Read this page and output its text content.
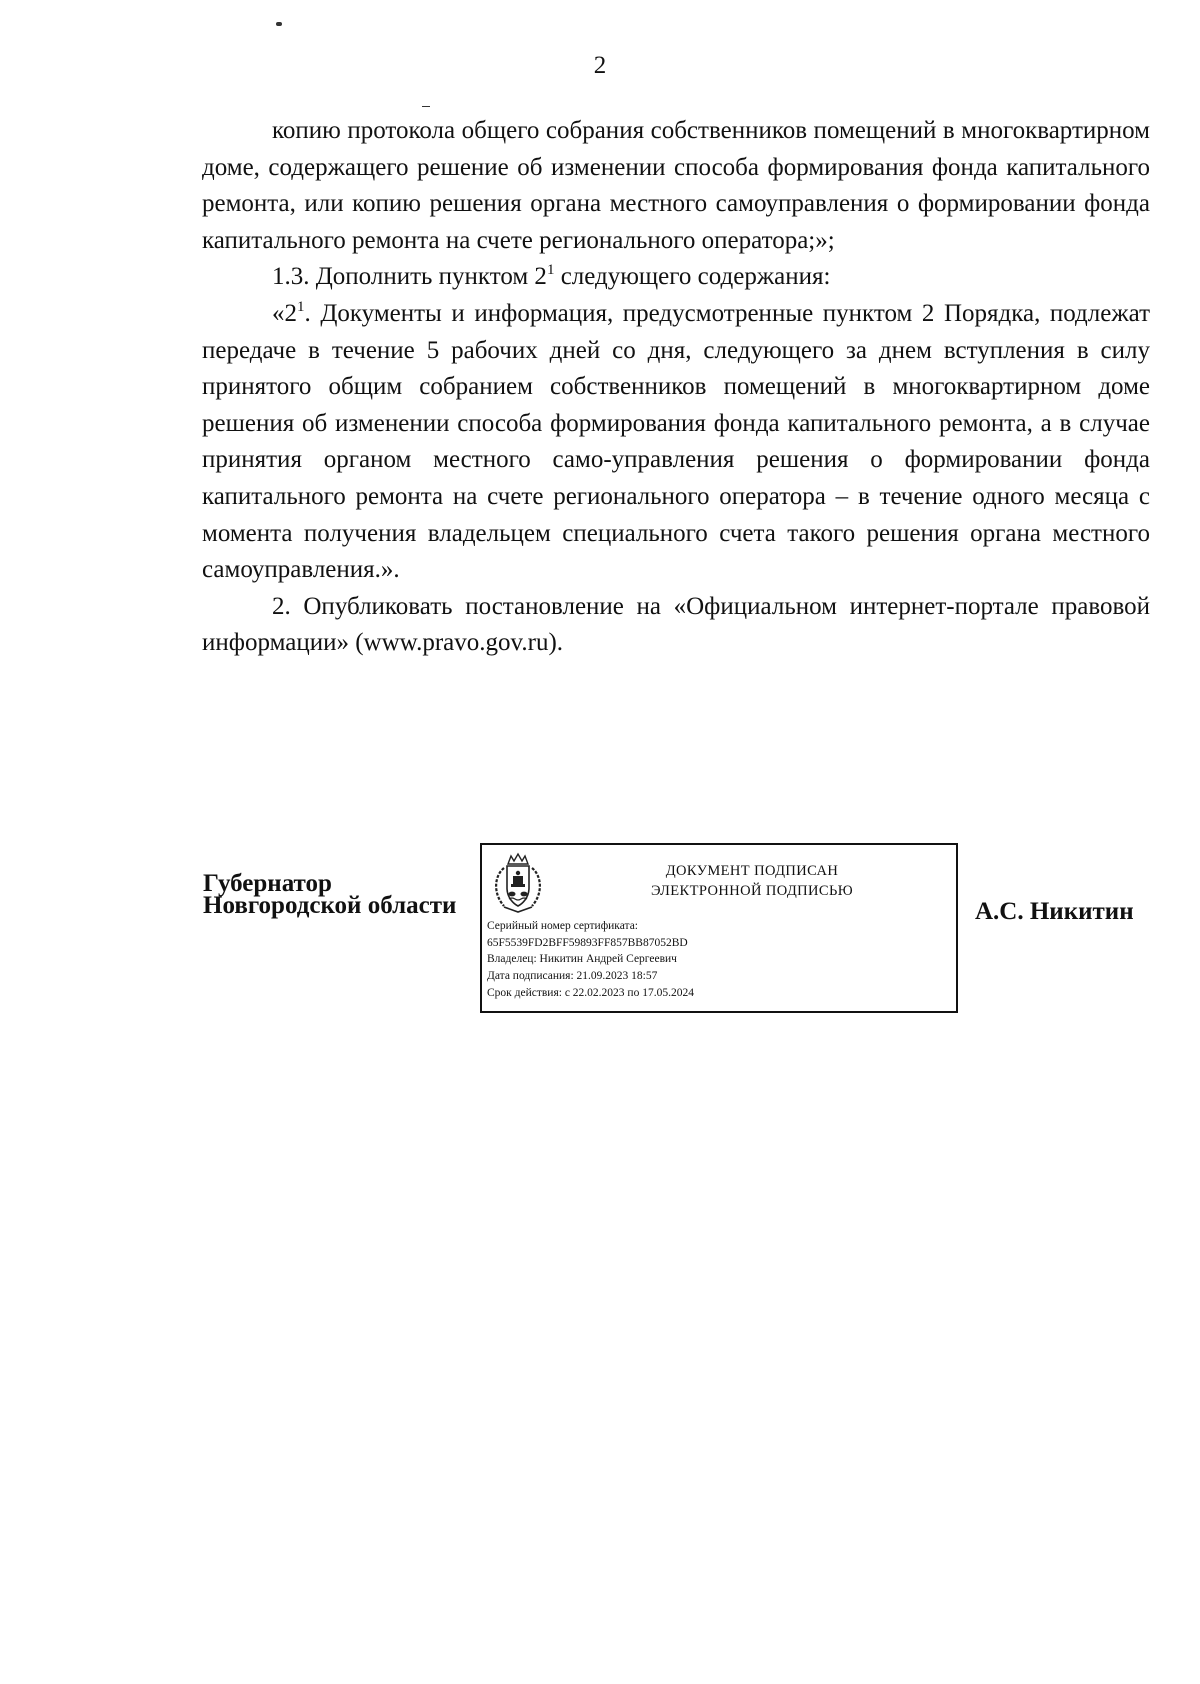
2

копию протокола общего собрания собственников помещений в многоквартирном доме, содержащего решение об изменении способа формирования фонда капитального ремонта, или копию решения органа местного самоуправления о формировании фонда капитального ремонта на счете регионального оператора;»;

1.3. Дополнить пунктом $2^1$ следующего содержания:

«$2^1$. Документы и информация, предусмотренные пунктом 2 Порядка, подлежат передаче в течение 5 рабочих дней со дня, следующего за днем вступления в силу принятого общим собранием собственников помещений в многоквартирном доме решения об изменении способа формирования фонда капитального ремонта, а в случае принятия органом местного само-управления решения о формировании фонда капитального ремонта на счете регионального оператора – в течение одного месяца с момента получения владельцем специального счета такого решения органа местного самоуправления.».

2. Опубликовать постановление на «Официальном интернет-портале правовой информации» (www.pravo.gov.ru).

Губернатор
Новгородской области
ДОКУМЕНТ ПОДПИСАН
ЭЛЕКТРОННОЙ ПОДПИСЬЮ
Серийный номер сертификата:
65F5539FD2BFF59893FF857BB87052BD
Владелец: Никитин Андрей Сергеевич
Дата подписания: 21.09.2023 18:57
Срок действия: с 22.02.2023 по 17.05.2024
А.С. Никитин
